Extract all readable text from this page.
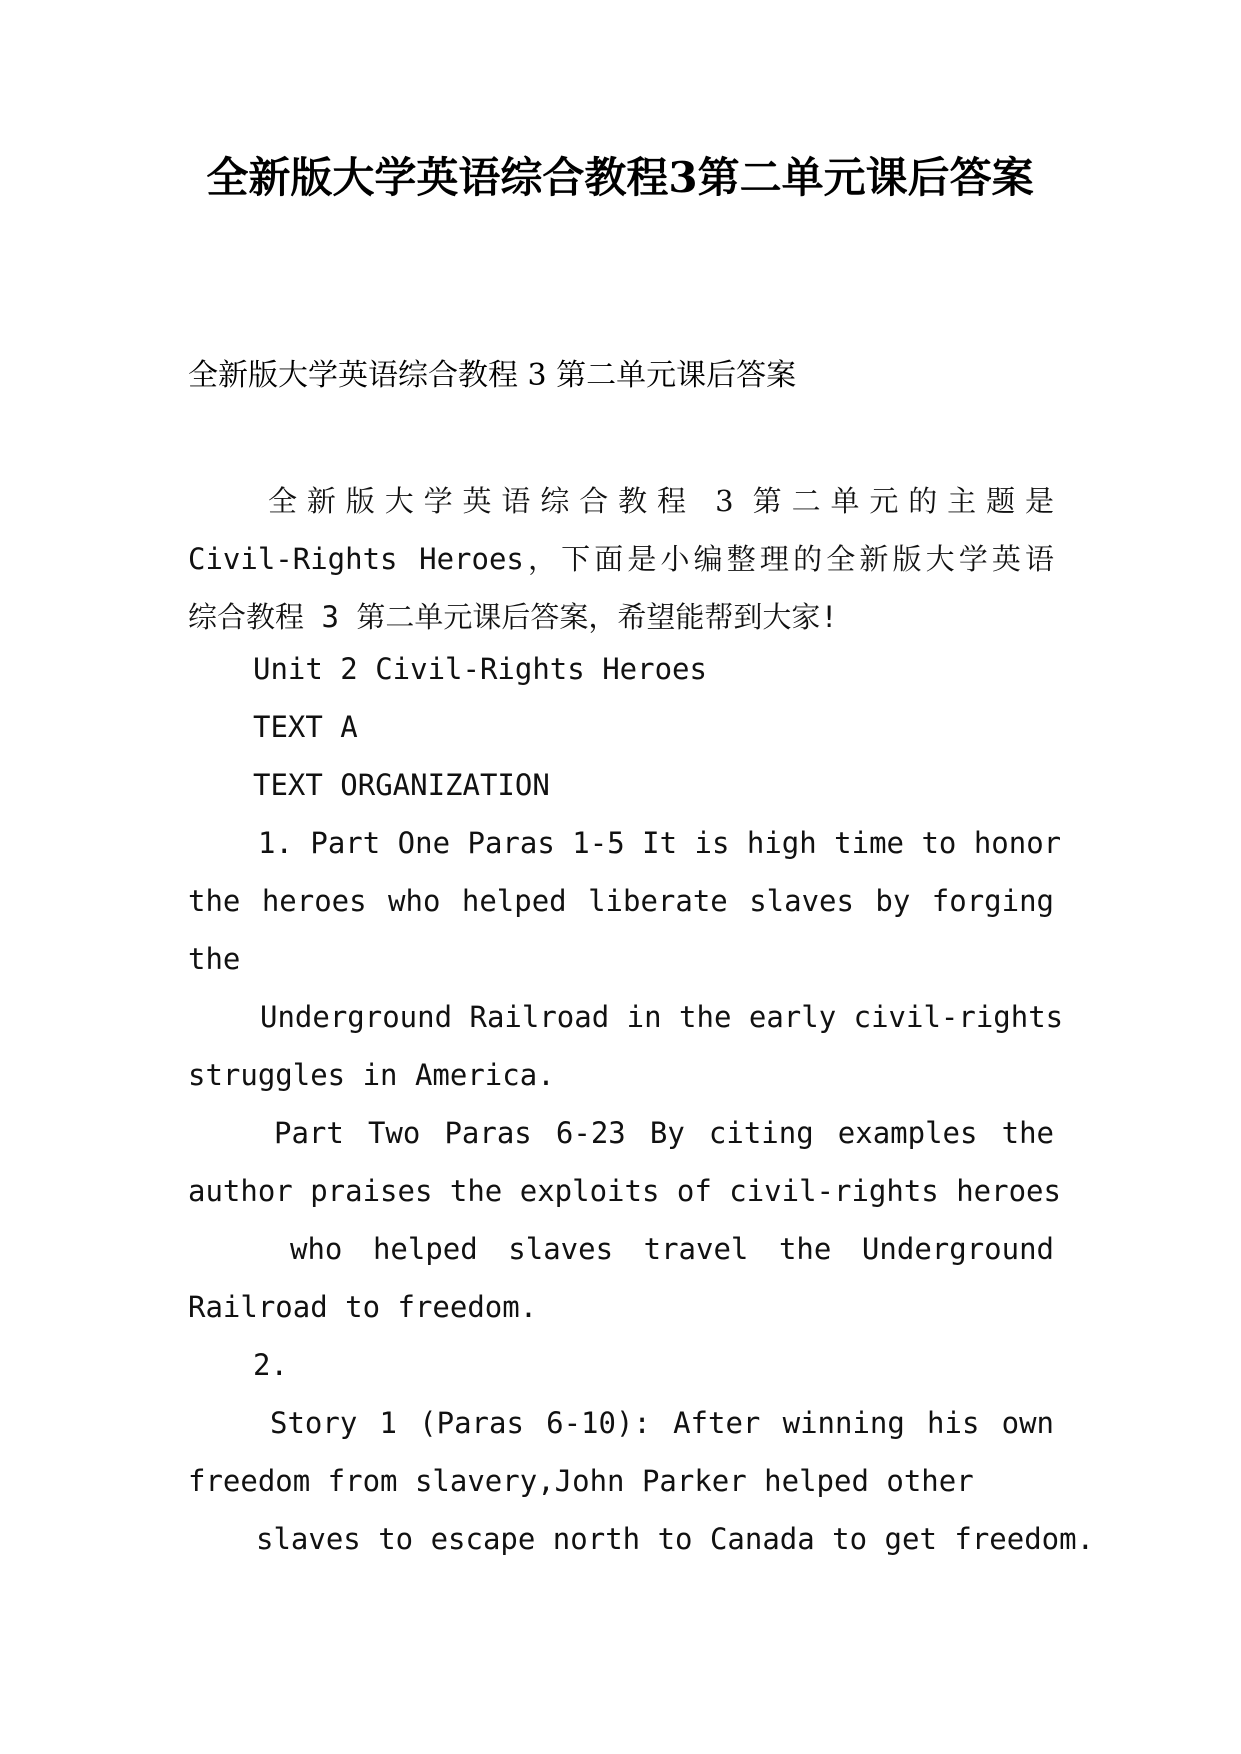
全新版大学英语综合教程3第二单元课后答案
全新版大学英语综合教程 3 第二单元课后答案
全新版大学英语综合教程 3 第二单元的主题是
Civil-Rights Heroes，下面是小编整理的全新版大学英语
综合教程 3 第二单元课后答案，希望能帮到大家!
Unit 2 Civil-Rights Heroes
TEXT A
TEXT ORGANIZATION
1. Part One Paras 1-5 It is high time to honor
the heroes who helped liberate slaves by forging
the
Underground Railroad in the early civil-rights
struggles in America.
Part Two Paras 6-23 By citing examples the
author praises the exploits of civil-rights heroes
who helped slaves travel the Underground
Railroad to freedom.
2.
Story 1 (Paras 6-10): After winning his own
freedom from slavery,John Parker helped other
slaves to escape north to Canada to get freedom.
